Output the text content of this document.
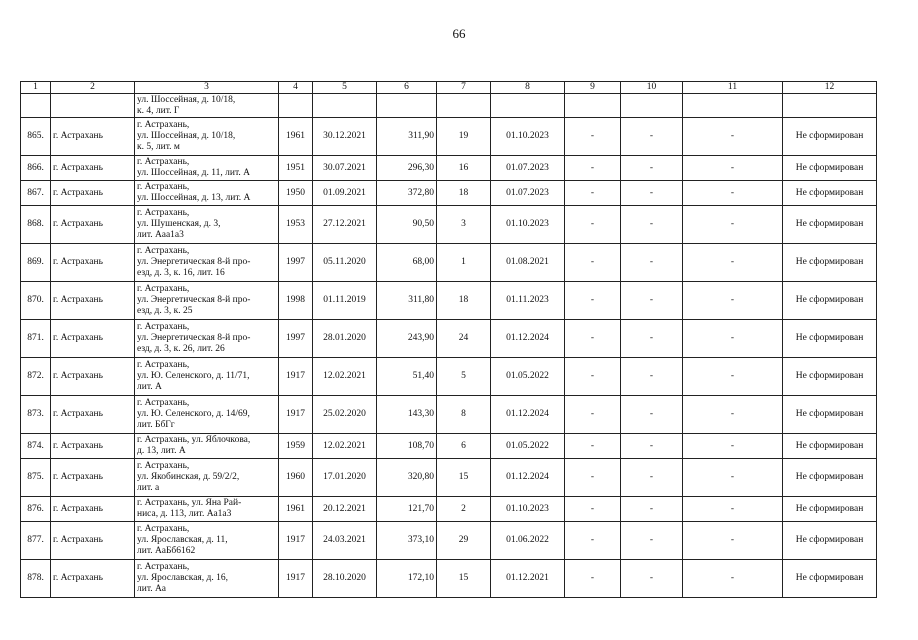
66
1	2	3	4	5	6	7	8	9	10	11	12

		ул. Шоссейная, д. 10/18,
к. 4, лит. Г									

865.	г. Астрахань	г. Астрахань,
ул. Шоссейная, д. 10/18,
к. 5, лит. м	1961	30.12.2021	311,90	19	01.10.2023	-	-	-	Не сформирован
866.	г. Астрахань	г. Астрахань,
ул. Шоссейная, д. 11, лит. А	1951	30.07.2021	296,30	16	01.07.2023	-	-	-	Не сформирован
867.	г. Астрахань	г. Астрахань,
ул. Шоссейная, д. 13, лит. А	1950	01.09.2021	372,80	18	01.07.2023	-	-	-	Не сформирован
868.	г. Астрахань	г. Астрахань,
ул. Шушенская, д. 3,
лит. Ааа1а3	1953	27.12.2021	90,50	3	01.10.2023	-	-	-	Не сформирован
869.	г. Астрахань	г. Астрахань,
ул. Энергетическая 8-й про-
езд, д. 3, к. 16, лит. 16	1997	05.11.2020	68,00	1	01.08.2021	-	-	-	Не сформирован
870.	г. Астрахань	г. Астрахань,
ул. Энергетическая 8-й про-
езд, д. 3, к. 25	1998	01.11.2019	311,80	18	01.11.2023	-	-	-	Не сформирован
871.	г. Астрахань	г. Астрахань,
ул. Энергетическая 8-й про-
езд, д. 3, к. 26, лит. 26	1997	28.01.2020	243,90	24	01.12.2024	-	-	-	Не сформирован
872.	г. Астрахань	г. Астрахань,
ул. Ю. Селенского, д. 11/71,
лит. А	1917	12.02.2021	51,40	5	01.05.2022	-	-	-	Не сформирован
873.	г. Астрахань	г. Астрахань,
ул. Ю. Селенского, д. 14/69,
лит. БбГг	1917	25.02.2020	143,30	8	01.12.2024	-	-	-	Не сформирован
874.	г. Астрахань	г. Астрахань, ул. Яблочкова,
д. 13, лит. А	1959	12.02.2021	108,70	6	01.05.2022	-	-	-	Не сформирован
875.	г. Астрахань	г. Астрахань,
ул. Якобинская, д. 59/2/2,
лит. а	1960	17.01.2020	320,80	15	01.12.2024	-	-	-	Не сформирован
876.	г. Астрахань	г. Астрахань, ул. Яна Рай-
ниса, д. 113, лит. Аа1а3	1961	20.12.2021	121,70	2	01.10.2023	-	-	-	Не сформирован
877.	г. Астрахань	г. Астрахань,
ул. Ярославская, д. 11,
лит. АаБб6162	1917	24.03.2021	373,10	29	01.06.2022	-	-	-	Не сформирован
878.	г. Астрахань	г. Астрахань,
ул. Ярославская, д. 16,
лит. Аа	1917	28.10.2020	172,10	15	01.12.2021	-	-	-	Не сформирован
